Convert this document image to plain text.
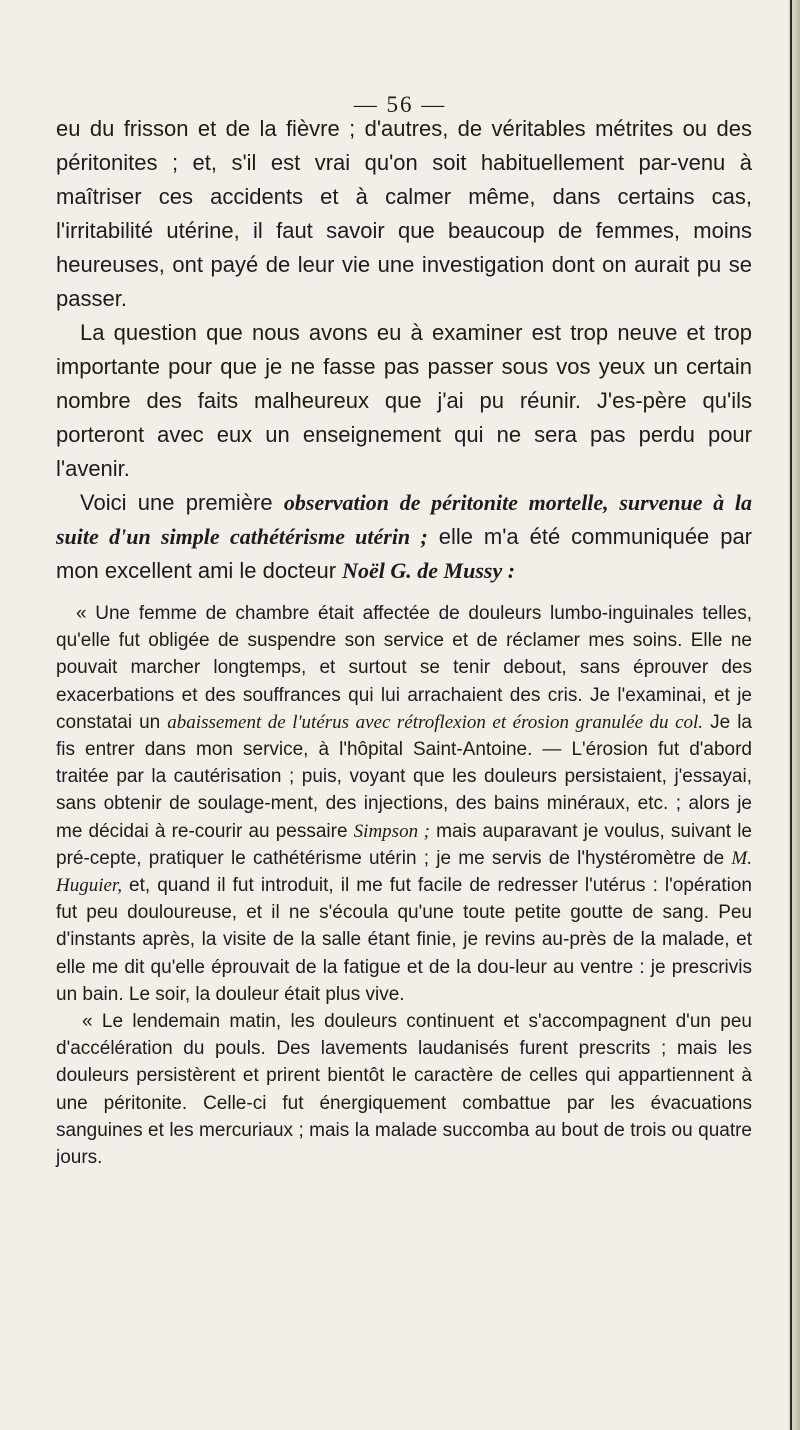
— 56 —

eu du frisson et de la fièvre ; d'autres, de véritables métrites ou des péritonites ; et, s'il est vrai qu'on soit habituellement par-venu à maîtriser ces accidents et à calmer même, dans certains cas, l'irritabilité utérine, il faut savoir que beaucoup de femmes, moins heureuses, ont payé de leur vie une investigation dont on aurait pu se passer.

La question que nous avons eu à examiner est trop neuve et trop importante pour que je ne fasse pas passer sous vos yeux un certain nombre des faits malheureux que j'ai pu réunir. J'es-père qu'ils porteront avec eux un enseignement qui ne sera pas perdu pour l'avenir.

Voici une première observation de péritonite mortelle, survenue à la suite d'un simple cathétérisme utérin ; elle m'a été communiquée par mon excellent ami le docteur Noël G. de Mussy :

« Une femme de chambre était affectée de douleurs lumbo-inguinales telles, qu'elle fut obligée de suspendre son service et de réclamer mes soins. Elle ne pouvait marcher longtemps, et surtout se tenir debout, sans éprouver des exacerbations et des souffrances qui lui arrachaient des cris. Je l'examinai, et je constatai un abaissement de l'utérus avec rétroflexion et érosion granulée du col. Je la fis entrer dans mon service, à l'hôpital Saint-Antoine. — L'érosion fut d'abord traitée par la cautérisation ; puis, voyant que les douleurs persistaient, j'essayai, sans obtenir de soulage-ment, des injections, des bains minéraux, etc. ; alors je me décidai à re-courir au pessaire Simpson ; mais auparavant je voulus, suivant le pré-cepte, pratiquer le cathétérisme utérin ; je me servis de l'hystéromètre de M. Huguier, et, quand il fut introduit, il me fut facile de redresser l'utérus : l'opération fut peu douloureuse, et il ne s'écoula qu'une toute petite goutte de sang. Peu d'instants après, la visite de la salle étant finie, je revins au-près de la malade, et elle me dit qu'elle éprouvait de la fatigue et de la dou-leur au ventre : je prescrivis un bain. Le soir, la douleur était plus vive.

« Le lendemain matin, les douleurs continuent et s'accompagnent d'un peu d'accélération du pouls. Des lavements laudanisés furent prescrits ; mais les douleurs persistèrent et prirent bientôt le caractère de celles qui appartiennent à une péritonite. Celle-ci fut énergiquement combattue par les évacuations sanguines et les mercuriaux ; mais la malade succomba au bout de trois ou quatre jours.
